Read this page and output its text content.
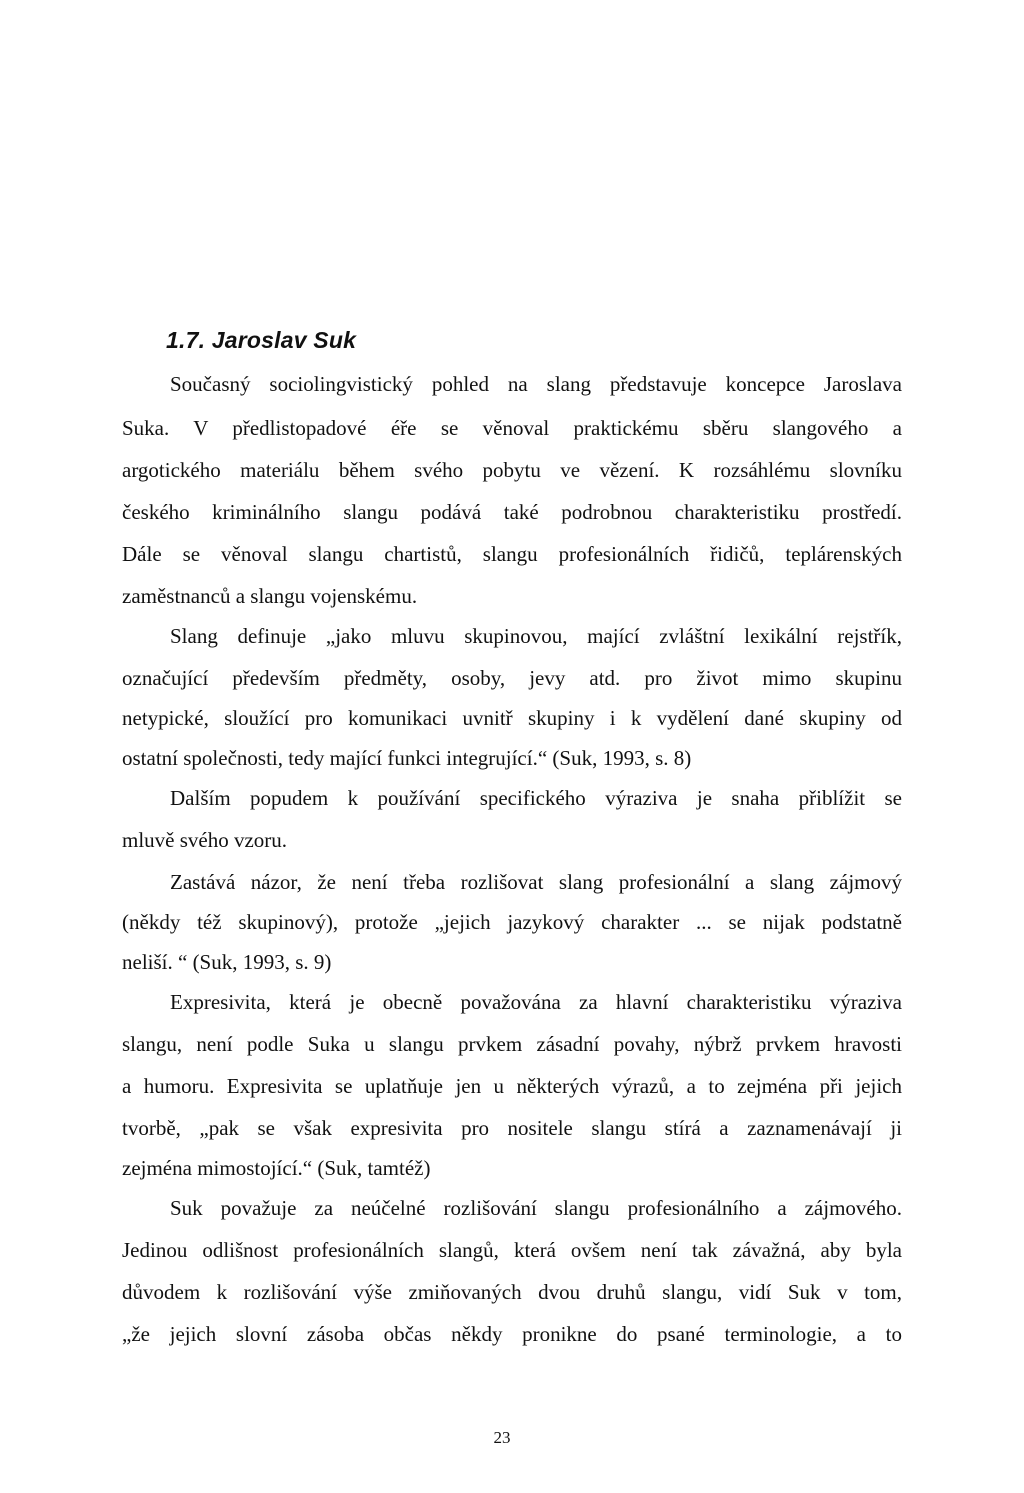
1.7. Jaroslav Suk
Současný sociolingvistický pohled na slang představuje koncepce Jaroslava
Suka. V předlistopadové éře se věnoval praktickému sběru slangového a
argotického materiálu během svého pobytu ve vězení. K rozsáhlému slovníku
českého kriminálního slangu podává také podrobnou charakteristiku prostředí.
Dále se věnoval slangu chartistů, slangu profesionálních řidičů, teplárenských
zaměstnanců a slangu vojenskému.
Slang definuje „jako mluvu skupinovou, mající zvláštní lexikální rejstřík,
označující především předměty, osoby, jevy atd. pro život mimo skupinu
netypické, sloužící pro komunikaci uvnitř skupiny i k vydělení dané skupiny od
ostatní společnosti, tedy mající funkci integrující.“ (Suk, 1993, s. 8)
Dalším popudem k používání specifického výraziva je snaha přiblížit se
mluvě svého vzoru.
Zastává názor, že není třeba rozlišovat slang profesionální a slang zájmový
(někdy též skupinový), protože „jejich jazykový charakter ... se nijak podstatně
neliší. “ (Suk, 1993, s. 9)
Expresivita, která je obecně považována za hlavní charakteristiku výraziva
slangu, není podle Suka u slangu prvkem zásadní povahy, nýbrž prvkem hravosti
a humoru. Expresivita se uplatňuje jen u některých výrazů, a to zejména při jejich
tvorbě, „pak se však expresivita pro nositele slangu stírá a zaznamenávají ji
zejména mimostojící.“ (Suk, tamtéž)
Suk považuje za neúčelné rozlišování slangu profesionálního a zájmového.
Jedinou odlišnost profesionálních slangů, která ovšem není tak závažná, aby byla
důvodem k rozlišování výše zmiňovaných dvou druhů slangu, vidí Suk v tom,
„že jejich slovní zásoba občas někdy pronikne do psané terminologie, a to
23
